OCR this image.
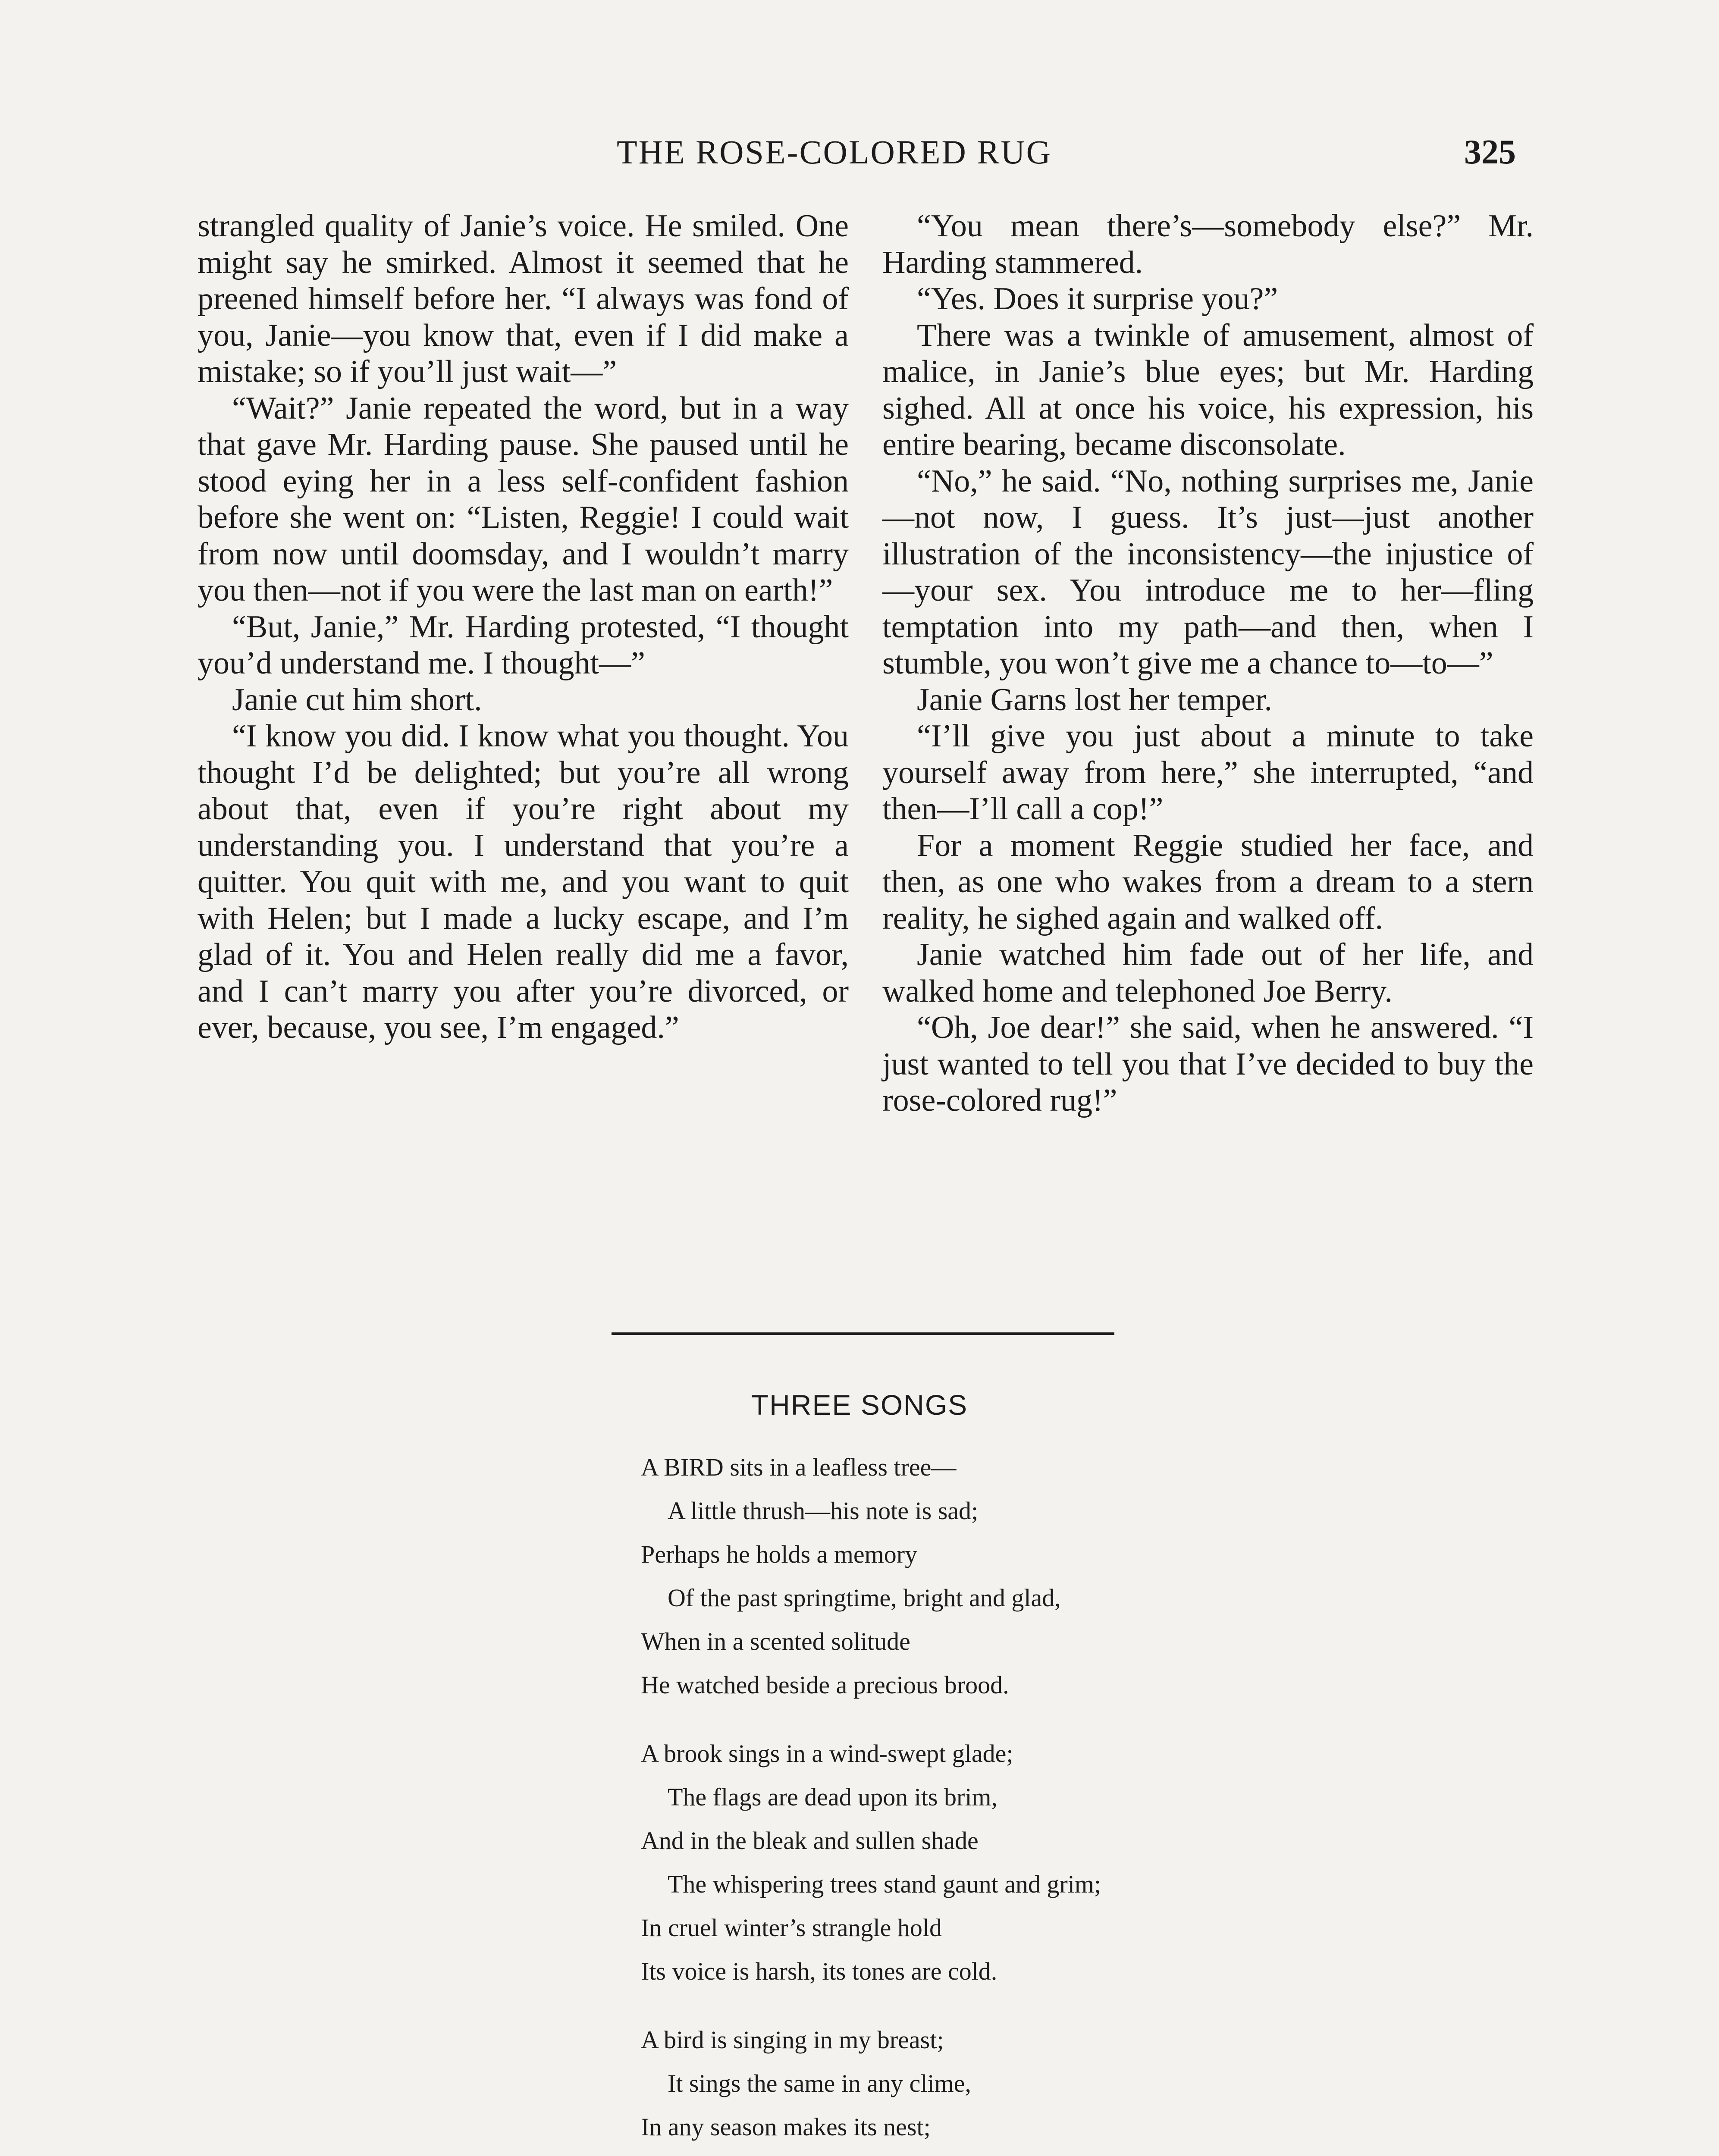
THE ROSE-COLORED RUG	325

strangled quality of Janie’s voice. He smiled. One might say he smirked. Almost it seemed that he preened himself before her. “I always was fond of you, Janie—you know that, even if I did make a mistake; so if you’ll just wait—”

“Wait?” Janie repeated the word, but in a way that gave Mr. Harding pause. She paused until he stood eying her in a less self-confident fashion before she went on: “Listen, Reggie! I could wait from now until doomsday, and I wouldn’t marry you then—not if you were the last man on earth!”

“But, Janie,” Mr. Harding protested, “I thought you’d understand me. I thought—”

Janie cut him short.

“I know you did. I know what you thought. You thought I’d be delighted; but you’re all wrong about that, even if you’re right about my understanding you. I understand that you’re a quitter. You quit with me, and you want to quit with Helen; but I made a lucky escape, and I’m glad of it. You and Helen really did me a favor, and I can’t marry you after you’re divorced, or ever, because, you see, I’m engaged.”

“You mean there’s—somebody else?” Mr. Harding stammered.

“Yes. Does it surprise you?”

There was a twinkle of amusement, almost of malice, in Janie’s blue eyes; but Mr. Harding sighed. All at once his voice, his expression, his entire bearing, became disconsolate.

“No,” he said. “No, nothing surprises me, Janie—not now, I guess. It’s just—just another illustration of the inconsistency—the injustice of—your sex. You introduce me to her—fling temptation into my path—and then, when I stumble, you won’t give me a chance to—to—”

Janie Garns lost her temper.

“I’ll give you just about a minute to take yourself away from here,” she interrupted, “and then—I’ll call a cop!”

For a moment Reggie studied her face, and then, as one who wakes from a dream to a stern reality, he sighed again and walked off.

Janie watched him fade out of her life, and walked home and telephoned Joe Berry.

“Oh, Joe dear!” she said, when he answered. “I just wanted to tell you that I’ve decided to buy the rose-colored rug!”

THREE SONGS
A BIRD sits in a leafless tree—
A little thrush—his note is sad;
Perhaps he holds a memory
Of the past springtime, bright and glad,
When in a scented solitude
He watched beside a precious brood.
A brook sings in a wind-swept glade;
The flags are dead upon its brim,
And in the bleak and sullen shade
The whispering trees stand gaunt and grim;
In cruel winter’s strangle hold
Its voice is harsh, its tones are cold.
A bird is singing in my breast;
It sings the same in any clime,
In any season makes its nest;
